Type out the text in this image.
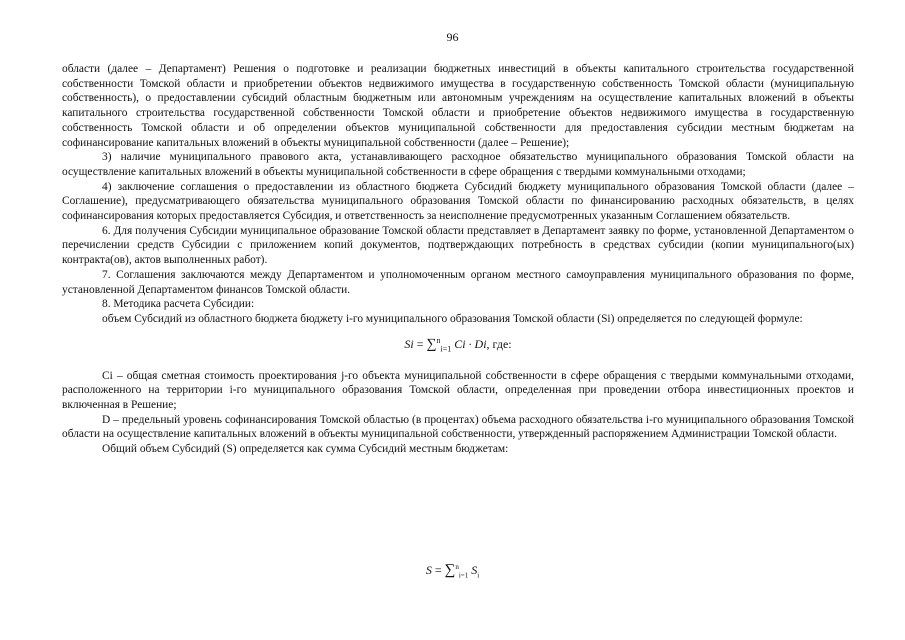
96

области (далее – Департамент) Решения о подготовке и реализации бюджетных инвестиций в объекты капитального строительства государственной собственности Томской области и приобретении объектов недвижимого имущества в государственную собственность Томской области (муниципальную собственность), о предоставлении субсидий областным бюджетным или автономным учреждениям на осуществление капитальных вложений в объекты капитального строительства государственной собственности Томской области и приобретение объектов недвижимого имущества в государственную собственность Томской области и об определении объектов муниципальной собственности для предоставления субсидии местным бюджетам на софинансирование капитальных вложений в объекты муниципальной собственности (далее – Решение);

3) наличие муниципального правового акта, устанавливающего расходное обязательство муниципального образования Томской области на осуществление капитальных вложений в объекты муниципальной собственности в сфере обращения с твердыми коммунальными отходами;

4) заключение соглашения о предоставлении из областного бюджета Субсидий бюджету муниципального образования Томской области (далее – Соглашение), предусматривающего обязательства муниципального образования Томской области по финансированию расходных обязательств, в целях софинансирования которых предоставляется Субсидия, и ответственность за неисполнение предусмотренных указанным Соглашением обязательств.

6. Для получения Субсидии муниципальное образование Томской области представляет в Департамент заявку по форме, установленной Департаментом о перечислении средств Субсидии с приложением копий документов, подтверждающих потребность в средствах субсидии (копии муниципального(ых) контракта(ов), актов выполненных работ).

7. Соглашения заключаются между Департаментом и уполномоченным органом местного самоуправления муниципального образования по форме, установленной Департаментом финансов Томской области.

8. Методика расчета Субсидии:

объем Субсидий из областного бюджета бюджету i-го муниципального образования Томской области (Si) определяется по следующей формуле:

Si = ∑$^n_{i=1}$ Ci · Di, где:

Ci – общая сметная стоимость проектирования j-го объекта муниципальной собственности в сфере обращения с твердыми коммунальными отходами, расположенного на территории i-го муниципального образования Томской области, определенная при проведении отбора инвестиционных проектов и включенная в Решение;

D – предельный уровень софинансирования Томской областью (в процентах) объема расходного обязательства i-го муниципального образования Томской области на осуществление капитальных вложений в объекты муниципальной собственности, утвержденный распоряжением Администрации Томской области.

Общий объем Субсидий (S) определяется как сумма Субсидий местным бюджетам:

S = ∑$^n_{i=1}$ $S_i$
